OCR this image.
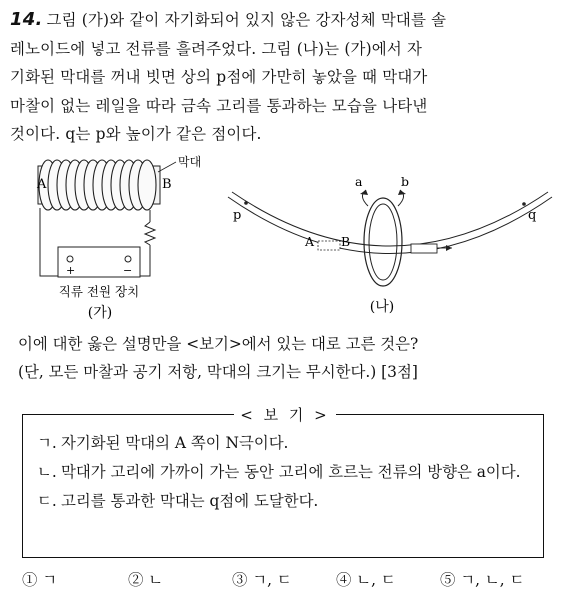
14. 그림 (가)와 같이 자기화되어 있지 않은 강자성체 막대를 솔
레노이드에 넣고 전류를 흘려주었다. 그림 (나)는 (가)에서 자
기화된 막대를 꺼내 빗면 상의 p점에 가만히 놓았을 때 막대가
마찰이 없는 레일을 따라 금속 고리를 통과하는 모습을 나타낸
것이다. q는 p와 높이가 같은 점이다.
A	B
막대
+	−
직류 전원 장치
(가)
p	q
A B
a	b
(나)
이에 대한 옳은 설명만을 <보기>에서 있는 대로 고른 것은?
(단, 모든 마찰과 공기 저항, 막대의 크기는 무시한다.) [3점]
ㄱ. 자기화된 막대의 A 쪽이 N극이다.
ㄴ. 막대가 고리에 가까이 가는 동안 고리에 흐르는 전류의 방향은 a이다.
ㄷ. 고리를 통과한 막대는 q점에 도달한다.
< 보 기 >
① ㄱ	② ㄴ	③ ㄱ, ㄷ	④ ㄴ, ㄷ	⑤ ㄱ, ㄴ, ㄷ
